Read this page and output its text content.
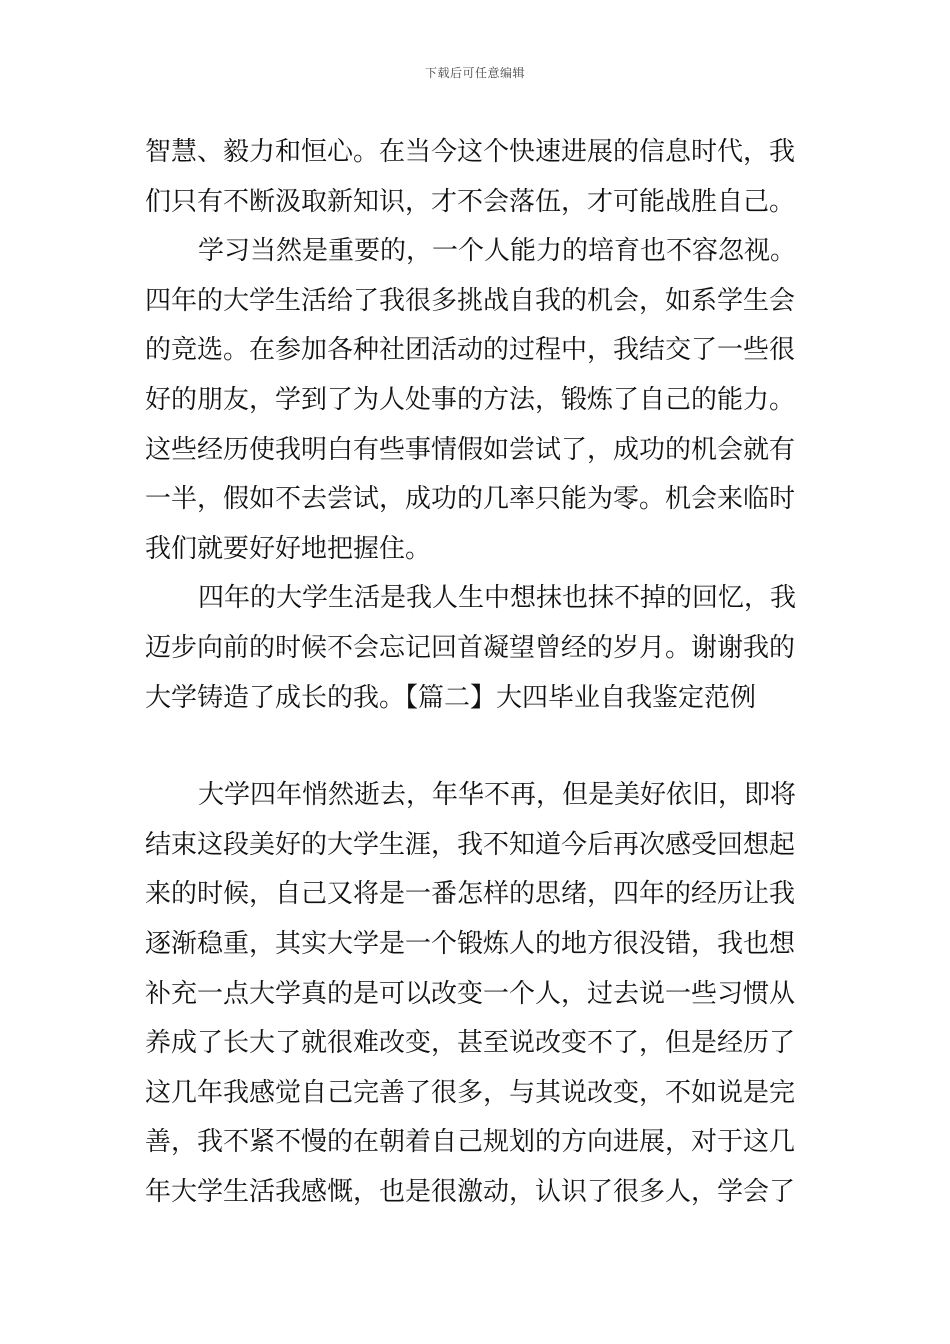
下载后可任意编辑
智慧、毅力和恒心。在当今这个快速进展的信息时代，我
们只有不断汲取新知识，才不会落伍，才可能战胜自己。
学习当然是重要的，一个人能力的培育也不容忽视。
四年的大学生活给了我很多挑战自我的机会，如系学生会
的竞选。在参加各种社团活动的过程中，我结交了一些很
好的朋友，学到了为人处事的方法，锻炼了自己的能力。
这些经历使我明白有些事情假如尝试了，成功的机会就有
一半，假如不去尝试，成功的几率只能为零。机会来临时
我们就要好好地把握住。
四年的大学生活是我人生中想抹也抹不掉的回忆，我
迈步向前的时候不会忘记回首凝望曾经的岁月。谢谢我的
大学铸造了成长的我。【篇二】大四毕业自我鉴定范例
大学四年悄然逝去，年华不再，但是美好依旧，即将
结束这段美好的大学生涯，我不知道今后再次感受回想起
来的时候，自己又将是一番怎样的思绪，四年的经历让我
逐渐稳重，其实大学是一个锻炼人的地方很没错，我也想
补充一点大学真的是可以改变一个人，过去说一些习惯从
养成了长大了就很难改变，甚至说改变不了，但是经历了
这几年我感觉自己完善了很多，与其说改变，不如说是完
善，我不紧不慢的在朝着自己规划的方向进展，对于这几
年大学生活我感慨，也是很激动，认识了很多人，学会了
